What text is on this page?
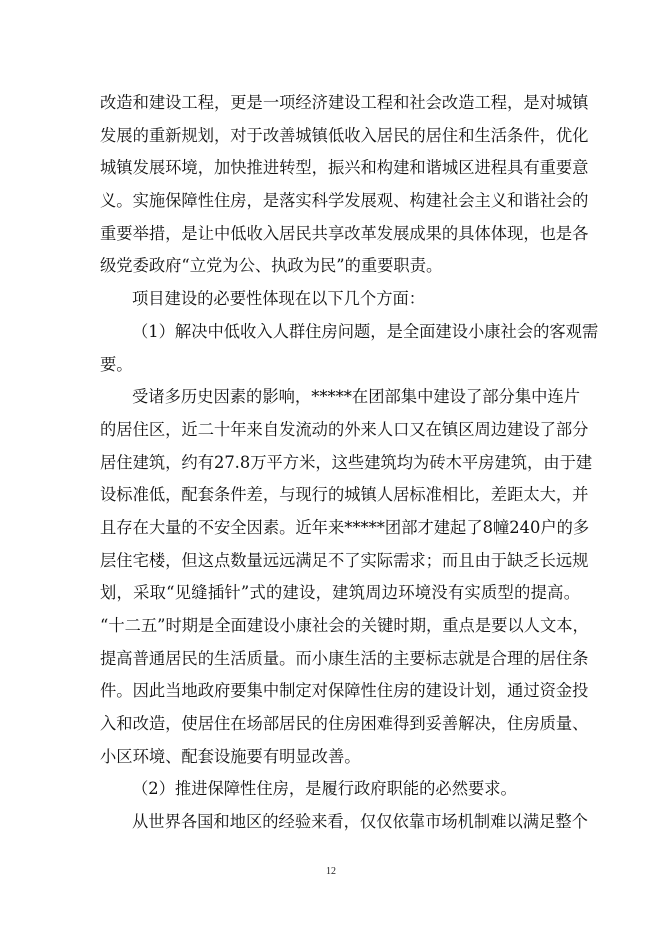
改造和建设工程，更是一项经济建设工程和社会改造工程，是对城镇
发展的重新规划，对于改善城镇低收入居民的居住和生活条件，优化
城镇发展环境，加快推进转型，振兴和构建和谐城区进程具有重要意
义。实施保障性住房，是落实科学发展观、构建社会主义和谐社会的
重要举措，是让中低收入居民共享改革发展成果的具体体现，也是各
级党委政府“立党为公、执政为民”的重要职责。
项目建设的必要性体现在以下几个方面：
（1）解决中低收入人群住房问题，是全面建设小康社会的客观需
要。
受诸多历史因素的影响，*****在团部集中建设了部分集中连片
的居住区，近二十年来自发流动的外来人口又在镇区周边建设了部分
居住建筑，约有27.8万平方米，这些建筑均为砖木平房建筑，由于建
设标准低，配套条件差，与现行的城镇人居标准相比，差距太大，并
且存在大量的不安全因素。近年来*****团部才建起了8幢240户的多
层住宅楼，但这点数量远远满足不了实际需求；而且由于缺乏长远规
划，采取“见缝插针”式的建设，建筑周边环境没有实质型的提高。
“十二五”时期是全面建设小康社会的关键时期，重点是要以人文本，
提高普通居民的生活质量。而小康生活的主要标志就是合理的居住条
件。因此当地政府要集中制定对保障性住房的建设计划，通过资金投
入和改造，使居住在场部居民的住房困难得到妥善解决，住房质量、
小区环境、配套设施要有明显改善。
（2）推进保障性住房，是履行政府职能的必然要求。
从世界各国和地区的经验来看，仅仅依靠市场机制难以满足整个
12
